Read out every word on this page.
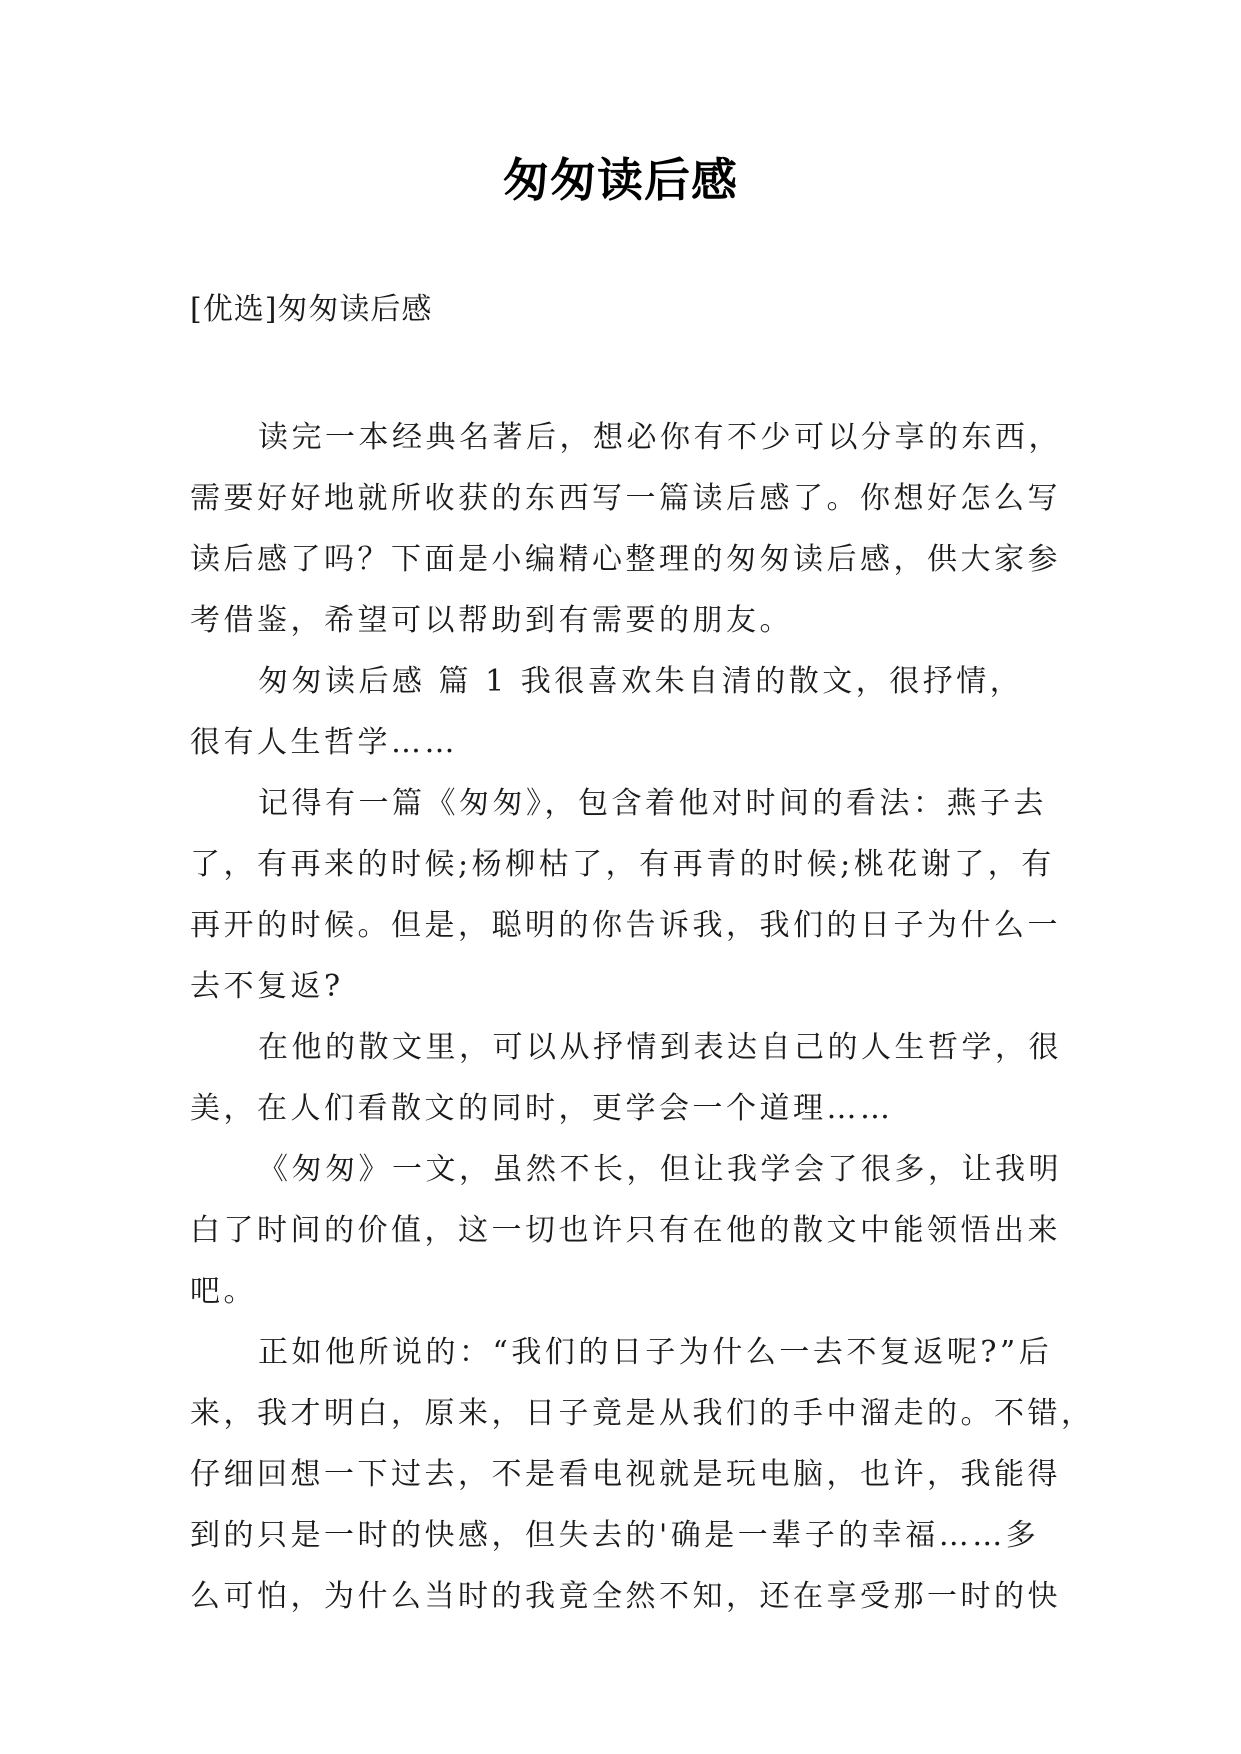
匆匆读后感
[优选]匆匆读后感
读完一本经典名著后，想必你有不少可以分享的东西，
需要好好地就所收获的东西写一篇读后感了。你想好怎么写
读后感了吗？下面是小编精心整理的匆匆读后感，供大家参
考借鉴，希望可以帮助到有需要的朋友。
匆匆读后感 篇 1 我很喜欢朱自清的散文，很抒情，
很有人生哲学……
记得有一篇《匆匆》，包含着他对时间的看法：燕子去
了，有再来的时候;杨柳枯了，有再青的时候;桃花谢了，有
再开的时候。但是，聪明的你告诉我，我们的日子为什么一
去不复返?
在他的散文里，可以从抒情到表达自己的人生哲学，很
美，在人们看散文的同时，更学会一个道理……
《匆匆》一文，虽然不长，但让我学会了很多，让我明
白了时间的价值，这一切也许只有在他的散文中能领悟出来
吧。
正如他所说的：“我们的日子为什么一去不复返呢?”后
来，我才明白，原来，日子竟是从我们的手中溜走的。不错，
仔细回想一下过去，不是看电视就是玩电脑，也许，我能得
到的只是一时的快感，但失去的'确是一辈子的幸福……多
么可怕，为什么当时的我竟全然不知，还在享受那一时的快
